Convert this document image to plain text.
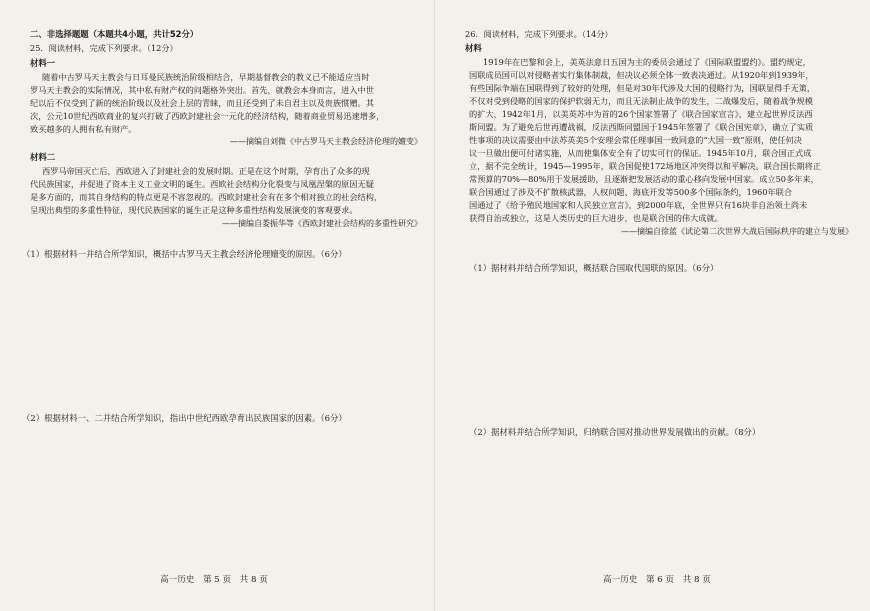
二、非选择题题（本题共4小题，共计52分）
25．阅读材料，完成下列要求。（12分）
材料一
随着中古罗马天主教会与日耳曼民族统治阶级相结合，早期基督教会的教义已不能适应当时
罗马天主教会的实际情况，其中私有财产权的问题格外突出。首先，就教会本身而言，进入中世
纪以后不仅受到了新的统治阶级以及社会上层的青睐，而且还受到了未自君主以及贵族惯赠。其
次，公元10世纪西欧商业的复兴打破了西欧封建社会一元化的经济结构，随着商业贸易迅速增多，
致买越多的人拥有私有财产。
——摘编自刘微《中古罗马天主教会经济伦理的嬗变》
材料二
西罗马帝国灭亡后，西欧进入了封建社会的发展时期。正是在这个时期，孕育出了众多的现
代民族国家，并促进了资本主义工业文明的诞生。西欧社会结构分化裂变与凤凰涅槃的原因无疑
是多方面的，而其自身结构的特点更是不容忽视的。西欧封建社会有在多个相对独立的社会结构，
呈现出典型的多重性特征，现代民族国家的诞生正是这种多重性结构发展演变的客观要求。
——摘编自娄振华等《西欧封建社会结构的多重性研究》
（1）根据材料一并结合所学知识，概括中古罗马天主教会经济伦理嬗变的原因。（6分）
（2）根据材料一、二并结合所学知识，指出中世纪西欧孕育出民族国家的因素。（6分）
高一历史　第 5 页　共 8 页
26．阅读材料，完成下列要求。（14分）
材料
1919年在巴黎和会上，美英法意日五国为主的委员会通过了《国际联盟盟约》。盟约规定，
国联成员国可以对侵略者实行集体制裁，但决议必须全体一致表决通过。从1920年到1939年，
有些国际争端在国联得到了较好的处理，但是对30年代涉及大国的侵略行为，国联显得手无策，
不仅对受到侵略的国家的保护软弱无力，而且无法制止战争的发生，二战爆发后，随着战争规模
的扩大，1942年1月，以美英苏中为首的26个国家签署了《联合国家宣言》，建立起世界反法西
斯同盟。为了避免后世再遭战祸，反法西斯同盟国于1945年签署了《联合国宪章》，确立了实质
性事项的决议需要由中法苏英美5个安理会常任理事国一致同意的“大国一致”原则，使任何决
议一旦做出便可付诸实施，从而使集体安全有了切实可行的保证。1945年10月，联合国正式成
立，据不完全统计，1945—1995年，联合国促使172场地区冲突得以和平解决。联合国长期将正
常预算的70%—80%用于发展援助，且逐渐把发展活动的重心移向发展中国家。成立50多年来，
联合国通过了涉及不扩散核武器，人权问题、海底开发等500多个国际条约，1960年联合
国通过了《给予殖民地国家和人民独立宣言》，到2000年底，全世界只有16块非自治领土尚未
获得自治或独立，这是人类历史的巨大进步，也是联合国的伟大成就。
——摘编自徐蓝《试论第二次世界大战后国际秩序的建立与发展》
（1）据材料并结合所学知识，概括联合国取代国联的原因。（6分）
（2）据材料并结合所学知识，归纳联合国对推动世界发展做出的贡献。（8分）
高一历史　第 6 页　共 8 页
